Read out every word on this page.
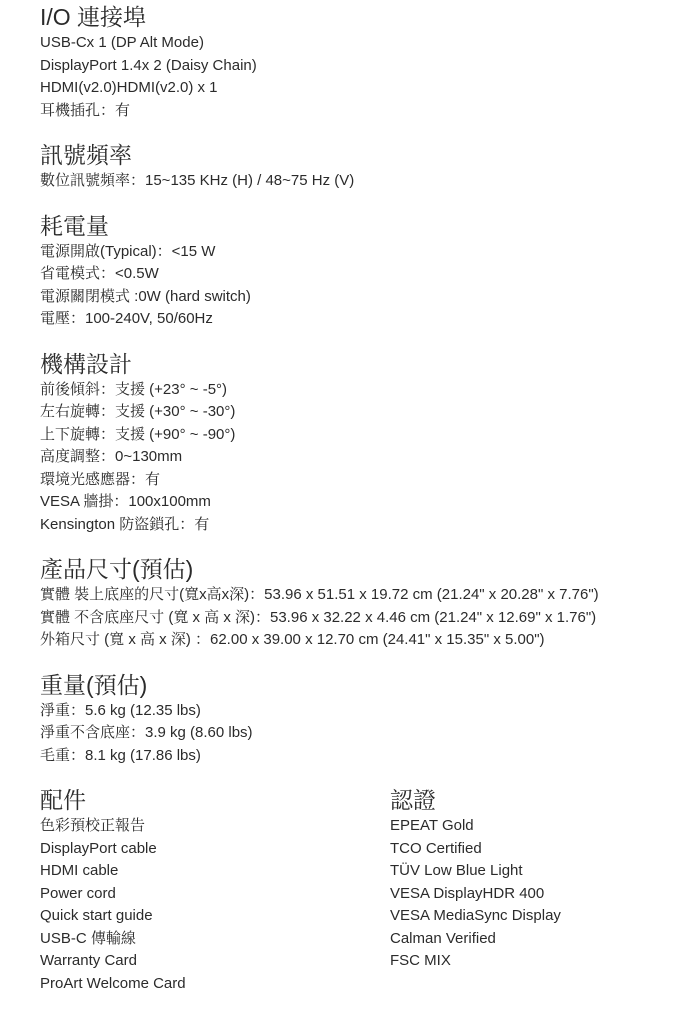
I/O 連接埠

USB-Cx 1 (DP Alt Mode)

DisplayPort 1.4x 2 (Daisy Chain)

HDMI(v2.0)HDMI(v2.0) x 1

耳機插孔：有

訊號頻率

數位訊號頻率：15~135 KHz (H) / 48~75 Hz (V)

耗電量

電源開啟(Typical)：<15 W

省電模式：<0.5W

電源關閉模式 :0W (hard switch)

電壓：100-240V, 50/60Hz

機構設計

前後傾斜：支援 (+23° ~ -5°)

左右旋轉：支援 (+30° ~ -30°)

上下旋轉：支援 (+90° ~ -90°)

高度調整：0~130mm

環境光感應器：有

VESA 牆掛：100x100mm

Kensington 防盜鎖孔：有

產品尺寸(預估)

實體 裝上底座的尺寸(寬x高x深)：53.96 x 51.51 x 19.72 cm (21.24" x 20.28" x 7.76")

實體 不含底座尺寸 (寬 x 高 x 深)：53.96 x 32.22 x 4.46 cm (21.24" x 12.69" x 1.76")

外箱尺寸 (寬 x 高 x 深) ：62.00 x 39.00 x 12.70 cm (24.41" x 15.35" x 5.00")

重量(預估)

淨重：5.6 kg (12.35 lbs)

淨重不含底座：3.9 kg (8.60 lbs)

毛重：8.1 kg (17.86 lbs)

配件

色彩預校正報告

DisplayPort cable

HDMI cable

Power cord

Quick start guide

USB-C 傳輸線

Warranty Card

ProArt Welcome Card

認證

EPEAT Gold

TCO Certified

TÜV Low Blue Light

VESA DisplayHDR 400

VESA MediaSync Display

Calman Verified

FSC MIX
